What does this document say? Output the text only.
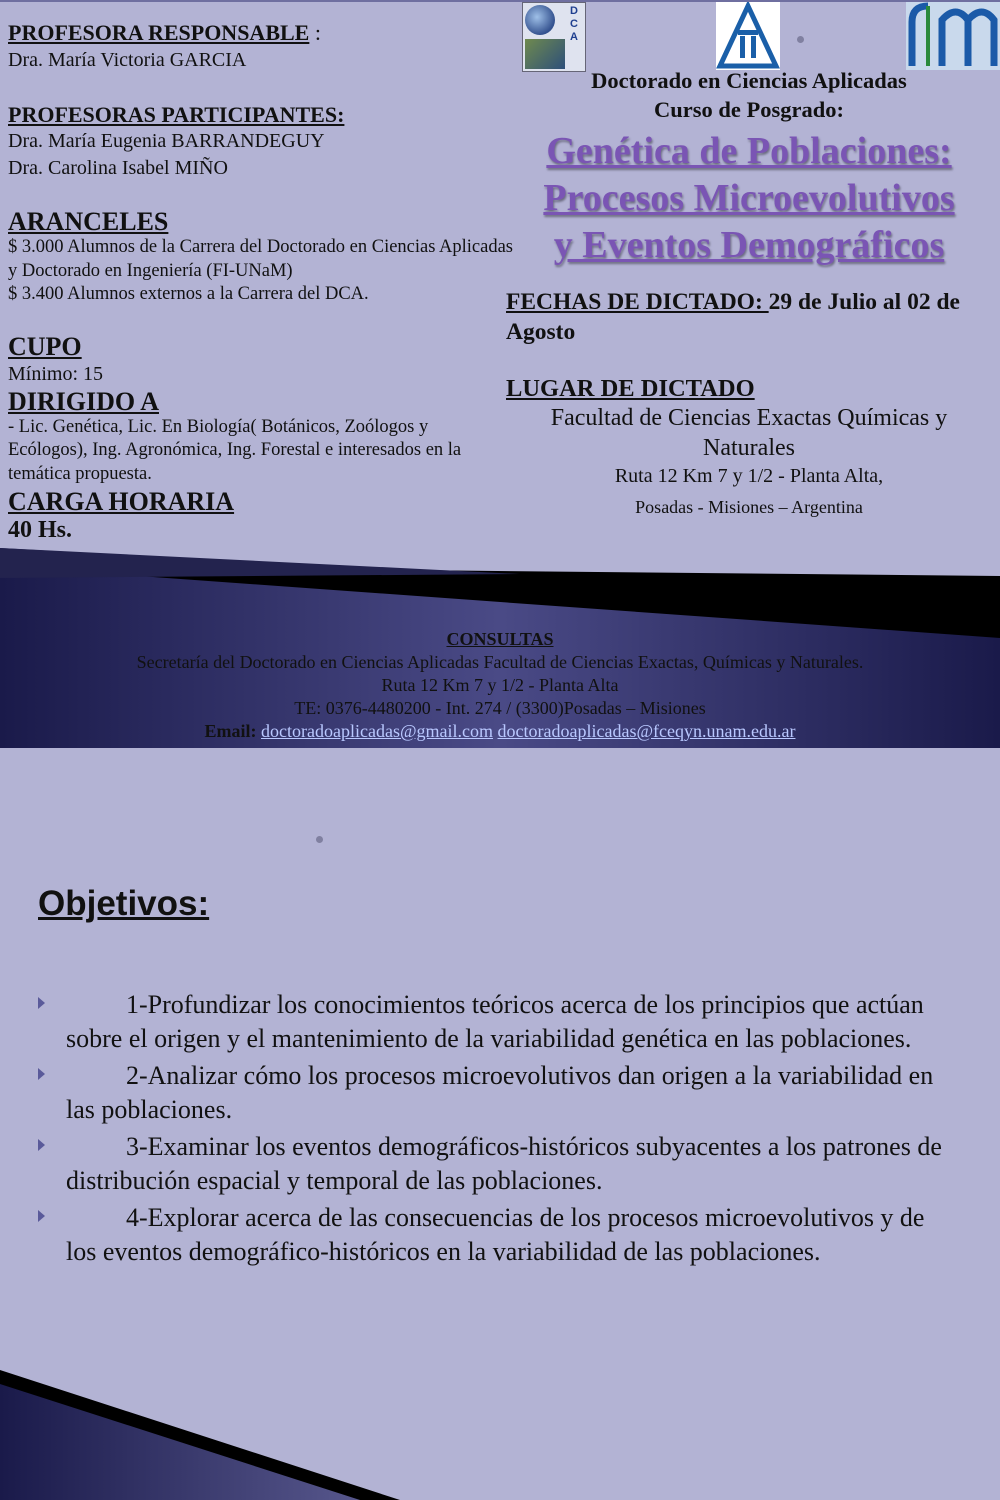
PROFESORA RESPONSABLE :
Dra. María Victoria GARCIA
PROFESORAS PARTICIPANTES:
Dra. María Eugenia BARRANDEGUY
Dra. Carolina Isabel MIÑO
ARANCELES
$ 3.000 Alumnos de la Carrera del Doctorado en Ciencias Aplicadas y Doctorado en Ingeniería (FI-UNaM)
$ 3.400 Alumnos externos a la Carrera del DCA.
CUPO
Mínimo: 15
DIRIGIDO A
- Lic. Genética, Lic. En Biología( Botánicos, Zoólogos y Ecólogos), Ing. Agronómica, Ing. Forestal e interesados en la temática propuesta.
CARGA HORARIA
40 Hs.
D
C
A
Doctorado en Ciencias Aplicadas
Curso de Posgrado:
Genética de Poblaciones:
Procesos Microevolutivos
y Eventos Demográficos
FECHAS DE DICTADO: 29 de Julio al 02 de Agosto
LUGAR DE DICTADO
Facultad de Ciencias Exactas Químicas y Naturales
Ruta 12 Km 7 y 1/2 - Planta Alta,
Posadas - Misiones – Argentina
CONSULTAS
Secretaría del Doctorado en Ciencias Aplicadas Facultad de Ciencias Exactas, Químicas y Naturales.
Ruta 12 Km 7 y 1/2 - Planta Alta
TE: 0376-4480200 - Int. 274 / (3300)Posadas – Misiones
Email: doctoradoaplicadas@gmail.com doctoradoaplicadas@fceqyn.unam.edu.ar
Objetivos:
1-Profundizar los conocimientos teóricos acerca de los principios que actúan sobre el origen y el mantenimiento de la variabilidad genética en las poblaciones.
2-Analizar cómo los procesos microevolutivos dan origen a la variabilidad en las poblaciones.
3-Examinar los eventos demográficos-históricos subyacentes a los patrones de distribución espacial y temporal de las poblaciones.
4-Explorar acerca de las consecuencias de los procesos microevolutivos y de los eventos demográfico-históricos en la variabilidad de las poblaciones.
